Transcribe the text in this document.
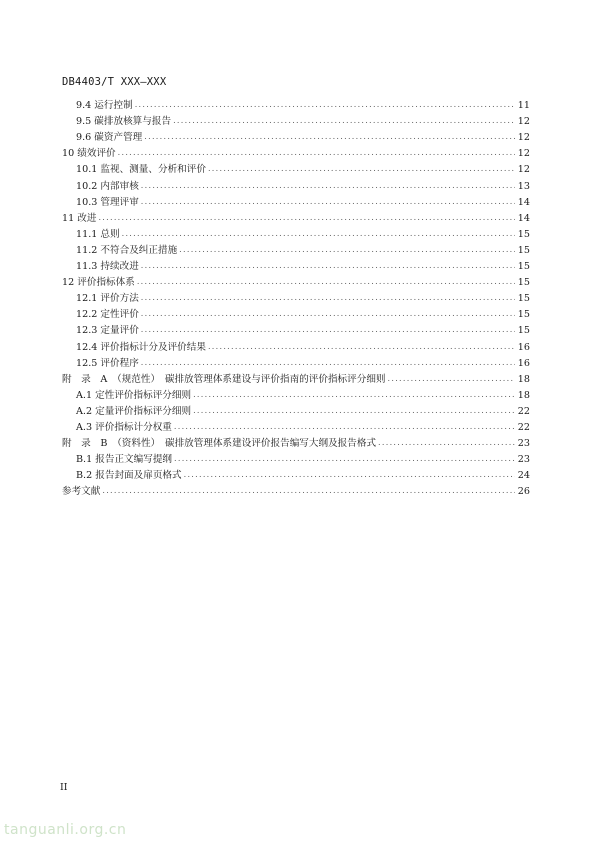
DB4403/T XXX—XXX
9.4 运行控制 .....	11
9.5 碳排放核算与报告 .....	12
9.6 碳资产管理 .....	12
10 绩效评价 .....	12
10.1 监视、测量、分析和评价 .....	12
10.2 内部审核 .....	13
10.3 管理评审 .....	14
11 改进 .....	14
11.1 总则 .....	15
11.2 不符合及纠正措施 .....	15
11.3 持续改进 .....	15
12 评价指标体系 .....	15
12.1 评价方法 .....	15
12.2 定性评价 .....	15
12.3 定量评价 .....	15
12.4 评价指标计分及评价结果 .....	16
12.5 评价程序 .....	16
附　录　A　（规范性）　碳排放管理体系建设与评价指南的评价指标评分细则 .....	18
A.1 定性评价指标评分细则 .....	18
A.2 定量评价指标评分细则 .....	22
A.3 评价指标计分权重 .....	22
附　录　B　（资料性）　碳排放管理体系建设评价报告编写大纲及报告格式 .....	23
B.1 报告正文编写提纲 .....	23
B.2 报告封面及扉页格式 .....	24
参考文献 .....	26
II
tanguanli.org.cn
